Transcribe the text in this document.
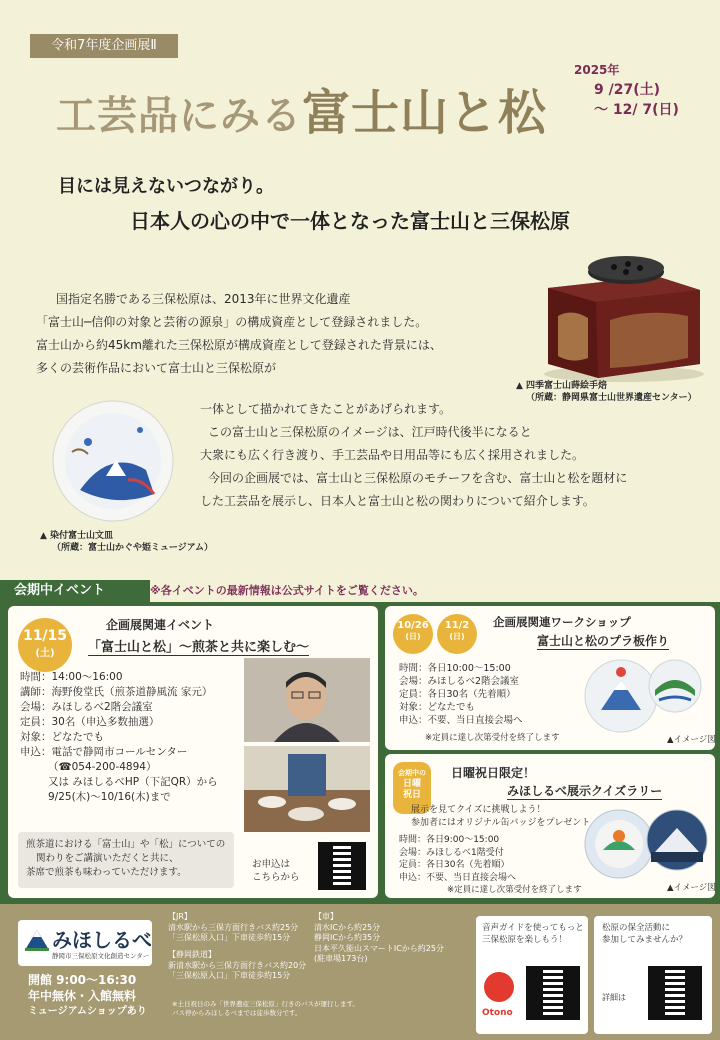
令和7年度企画展Ⅱ
工芸品にみる富士山と松
2025年
9 /27(土)
〜 12/ 7(日)
目には見えないつながり。
日本人の心の中で一体となった富士山と三保松原
▲ 四季富士山蒔絵手焙
（所蔵：静岡県富士山世界遺産センター）
▲ 染付富士山文皿
（所蔵：富士山かぐや姫ミュージアム）

国指定名勝である三保松原は、2013年に世界文化遺産

「富士山─信仰の対象と芸術の源泉」の構成資産として登録されました。

富士山から約45km離れた三保松原が構成資産として登録された背景には、

多くの芸術作品において富士山と三保松原が

一体として描かれてきたことがあげられます。

この富士山と三保松原のイメージは、江戸時代後半になると

大衆にも広く行き渡り、手工芸品や日用品等にも広く採用されました。

今回の企画展では、富士山と三保松原のモチーフを含む、富士山と松を題材に

した工芸品を展示し、日本人と富士山と松の関わりについて紹介します。

会期中イベント	※各イベントの最新情報は公式サイトをご覧ください。
11/15
(土)
企画展関連イベント
「富士山と松」～煎茶と共に楽しむ～
時間：14:00～16:00
講師：海野俊堂氏（煎茶道静風流 家元）
会場：みほしるべ2階会議室
定員：30名（申込多数抽選）
対象：どなたでも
申込：電話で静岡市コールセンター
（☎054-200-4894）
又は みほしるべHP（下記QR）から
9/25(木)～10/16(木)まで
煎茶道における「富士山」や「松」についての
関わりをご講演いただくと共に、
茶席で煎茶も味わっていただけます。
お申込は
こちらから
10/26
(日)
11/2
(日)
企画展関連ワークショップ
富士山と松のプラ板作り
時間：各日10:00～15:00
会場：みほしるべ2階会議室
定員：各日30名（先着順）
対象：どなたでも
申込：不要、当日直接会場へ
※定員に達し次第受付を終了します	▲イメージ図
会期中の
日曜
祝日
日曜祝日限定！
みほしるべ展示クイズラリー
展示を見てクイズに挑戦しよう！
参加者にはオリジナル缶バッジをプレゼント
時間：各日9:00～15:00
会場：みほしるべ1階受付
定員：各日30名（先着順）
申込：不要、当日直接会場へ
※定員に達し次第受付を終了します	▲イメージ図
みほしるべ
静岡市三保松原文化創造センター
開館 9:00～16:30
年中無休・入館無料
ミュージアムショップあり
【JR】
清水駅から三保方面行きバス約25分
「三保松原入口」下車徒歩約15分
【静岡鉄道】
新清水駅から三保方面行きバス約20分
「三保松原入口」下車徒歩約15分
【車】
清水ICから約25分
静岡ICから約35分
日本平久能山スマートICから約25分
(駐車場173台)
※土日祝日のみ「世界遺産三保松原」行きのバスが運行します。
バス停からみほしるべまでは徒歩数分です。
音声ガイドを使ってもっと
三保松原を楽しもう！
Otono
松原の保全活動に
参加してみませんか？
詳細は
